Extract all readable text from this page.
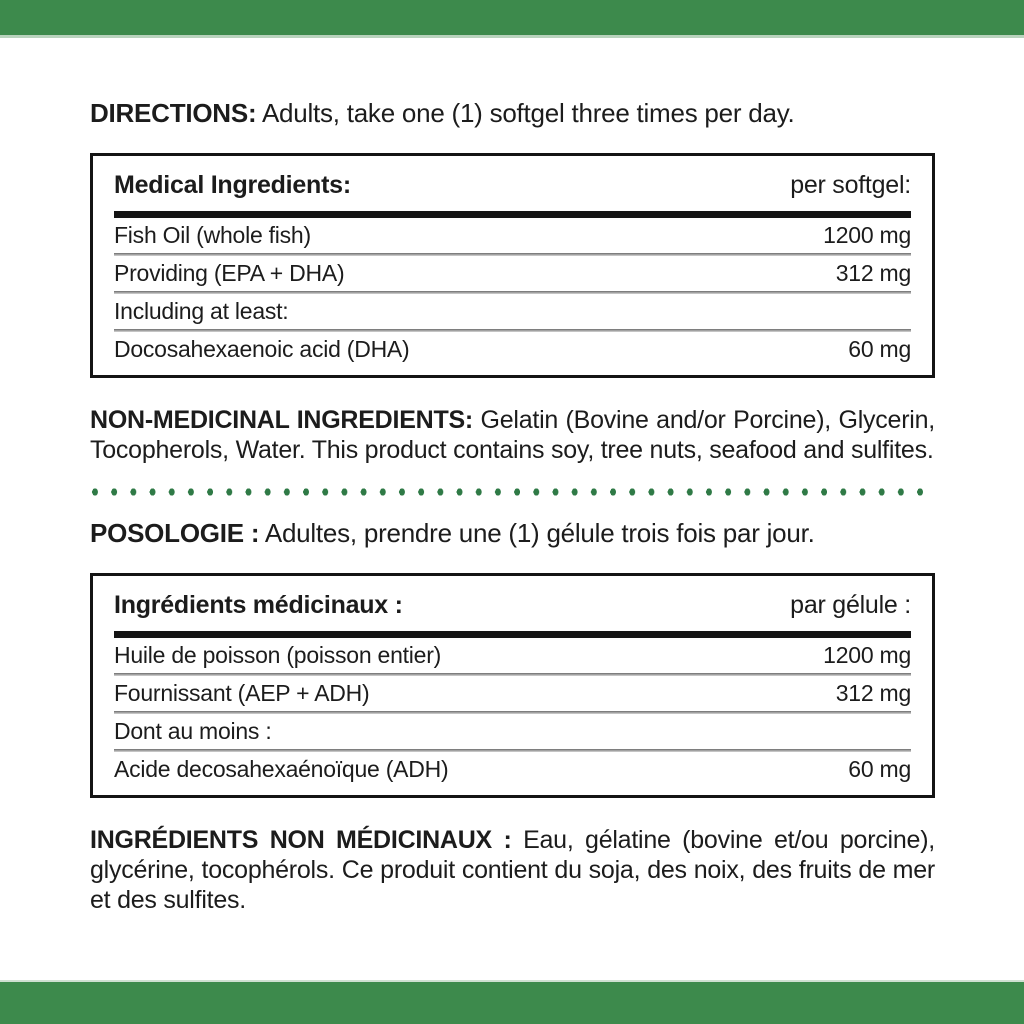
DIRECTIONS: Adults, take one (1) softgel three times per day.

Medical Ingredients:	per softgel:
Fish Oil (whole fish)	1200 mg
Providing (EPA + DHA)	312 mg
Including at least:
Docosahexaenoic acid (DHA)	60 mg

NON-MEDICINAL INGREDIENTS: Gelatin (Bovine and/or Porcine), Glycerin, Tocopherols, Water. This product contains soy, tree nuts, seafood and sulfites.

POSOLOGIE : Adultes, prendre une (1) gélule trois fois par jour.

Ingrédients médicinaux :	par gélule :
Huile de poisson (poisson entier)	1200 mg
Fournissant (AEP + ADH)	312 mg
Dont au moins :
Acide decosahexaénoïque (ADH)	60 mg

INGRÉDIENTS NON MÉDICINAUX : Eau, gélatine (bovine et/ou porcine), glycérine, tocophérols. Ce produit contient du soja, des noix, des fruits de mer et des sulfites.
